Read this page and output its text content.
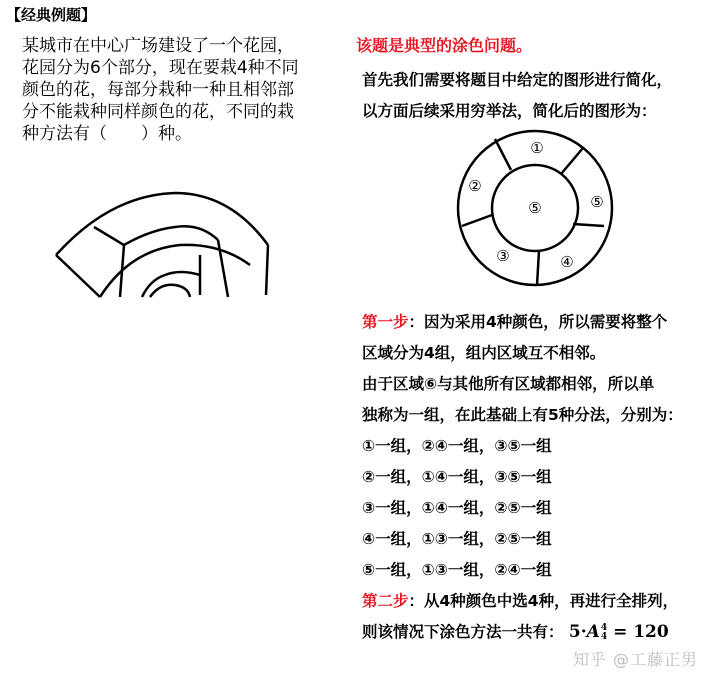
【经典例题】
某城市在中心广场建设了一个花园，
花园分为6个部分，现在要栽4种不同
颜色的花，每部分栽种一种且相邻部
分不能栽种同样颜色的花，不同的栽
种方法有（　　）种。
该题是典型的涂色问题。
首先我们需要将题目中给定的图形进行简化，
以方面后续采用穷举法，简化后的图形为：
①
②
③	④
⑤	⑤
第一步：因为采用4种颜色，所以需要将整个
区域分为4组，组内区域互不相邻。
由于区域⑥与其他所有区域都相邻，所以单
独称为一组，在此基础上有5种分法，分别为：
①一组，②④一组，③⑤一组
②一组，①④一组，③⑤一组
③一组，①④一组，②⑤一组
④一组，①③一组，②⑤一组
⑤一组，①③一组，②④一组
第二步：从4种颜色中选4种，再进行全排列，
则该情况下涂色方法一共有： 5·A4
4 = 120
知乎 @工藤正男
